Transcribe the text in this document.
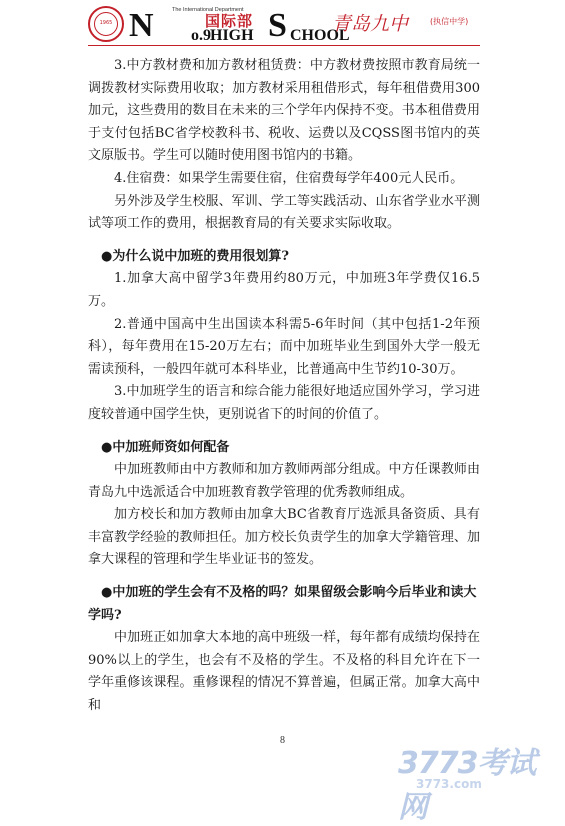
1965
The International Department
N o.9
国际部
HIGH S CHOOL
青岛九中	(执信中学)

3.中方教材费和加方教材租赁费：中方教材费按照市教育局统一调拨教材实际费用收取；加方教材采用租借形式，每年租借费用300加元，这些费用的数目在未来的三个学年内保持不变。书本租借费用于支付包括BC省学校教科书、税收、运费以及CQSS图书馆内的英文原版书。学生可以随时使用图书馆内的书籍。

4.住宿费：如果学生需要住宿，住宿费每学年400元人民币。

另外涉及学生校服、军训、学工等实践活动、山东省学业水平测试等项工作的费用，根据教育局的有关要求实际收取。

●为什么说中加班的费用很划算?

1.加拿大高中留学3年费用约80万元，中加班3年学费仅16.5万。

2.普通中国高中生出国读本科需5-6年时间（其中包括1-2年预科），每年费用在15-20万左右；而中加班毕业生到国外大学一般无需读预科，一般四年就可本科毕业，比普通高中生节约10-30万。

3.中加班学生的语言和综合能力能很好地适应国外学习，学习进度较普通中国学生快，更别说省下的时间的价值了。

●中加班师资如何配备

中加班教师由中方教师和加方教师两部分组成。中方任课教师由青岛九中选派适合中加班教育教学管理的优秀教师组成。

加方校长和加方教师由加拿大BC省教育厅选派具备资质、具有丰富教学经验的教师担任。加方校长负责学生的加拿大学籍管理、加拿大课程的管理和学生毕业证书的签发。

●中加班的学生会有不及格的吗？如果留级会影响今后毕业和读大学吗?

中加班正如加拿大本地的高中班级一样，每年都有成绩均保持在90%以上的学生，也会有不及格的学生。不及格的科目允许在下一学年重修该课程。重修课程的情况不算普遍，但属正常。加拿大高中和

8
3773考试网
3773.com
